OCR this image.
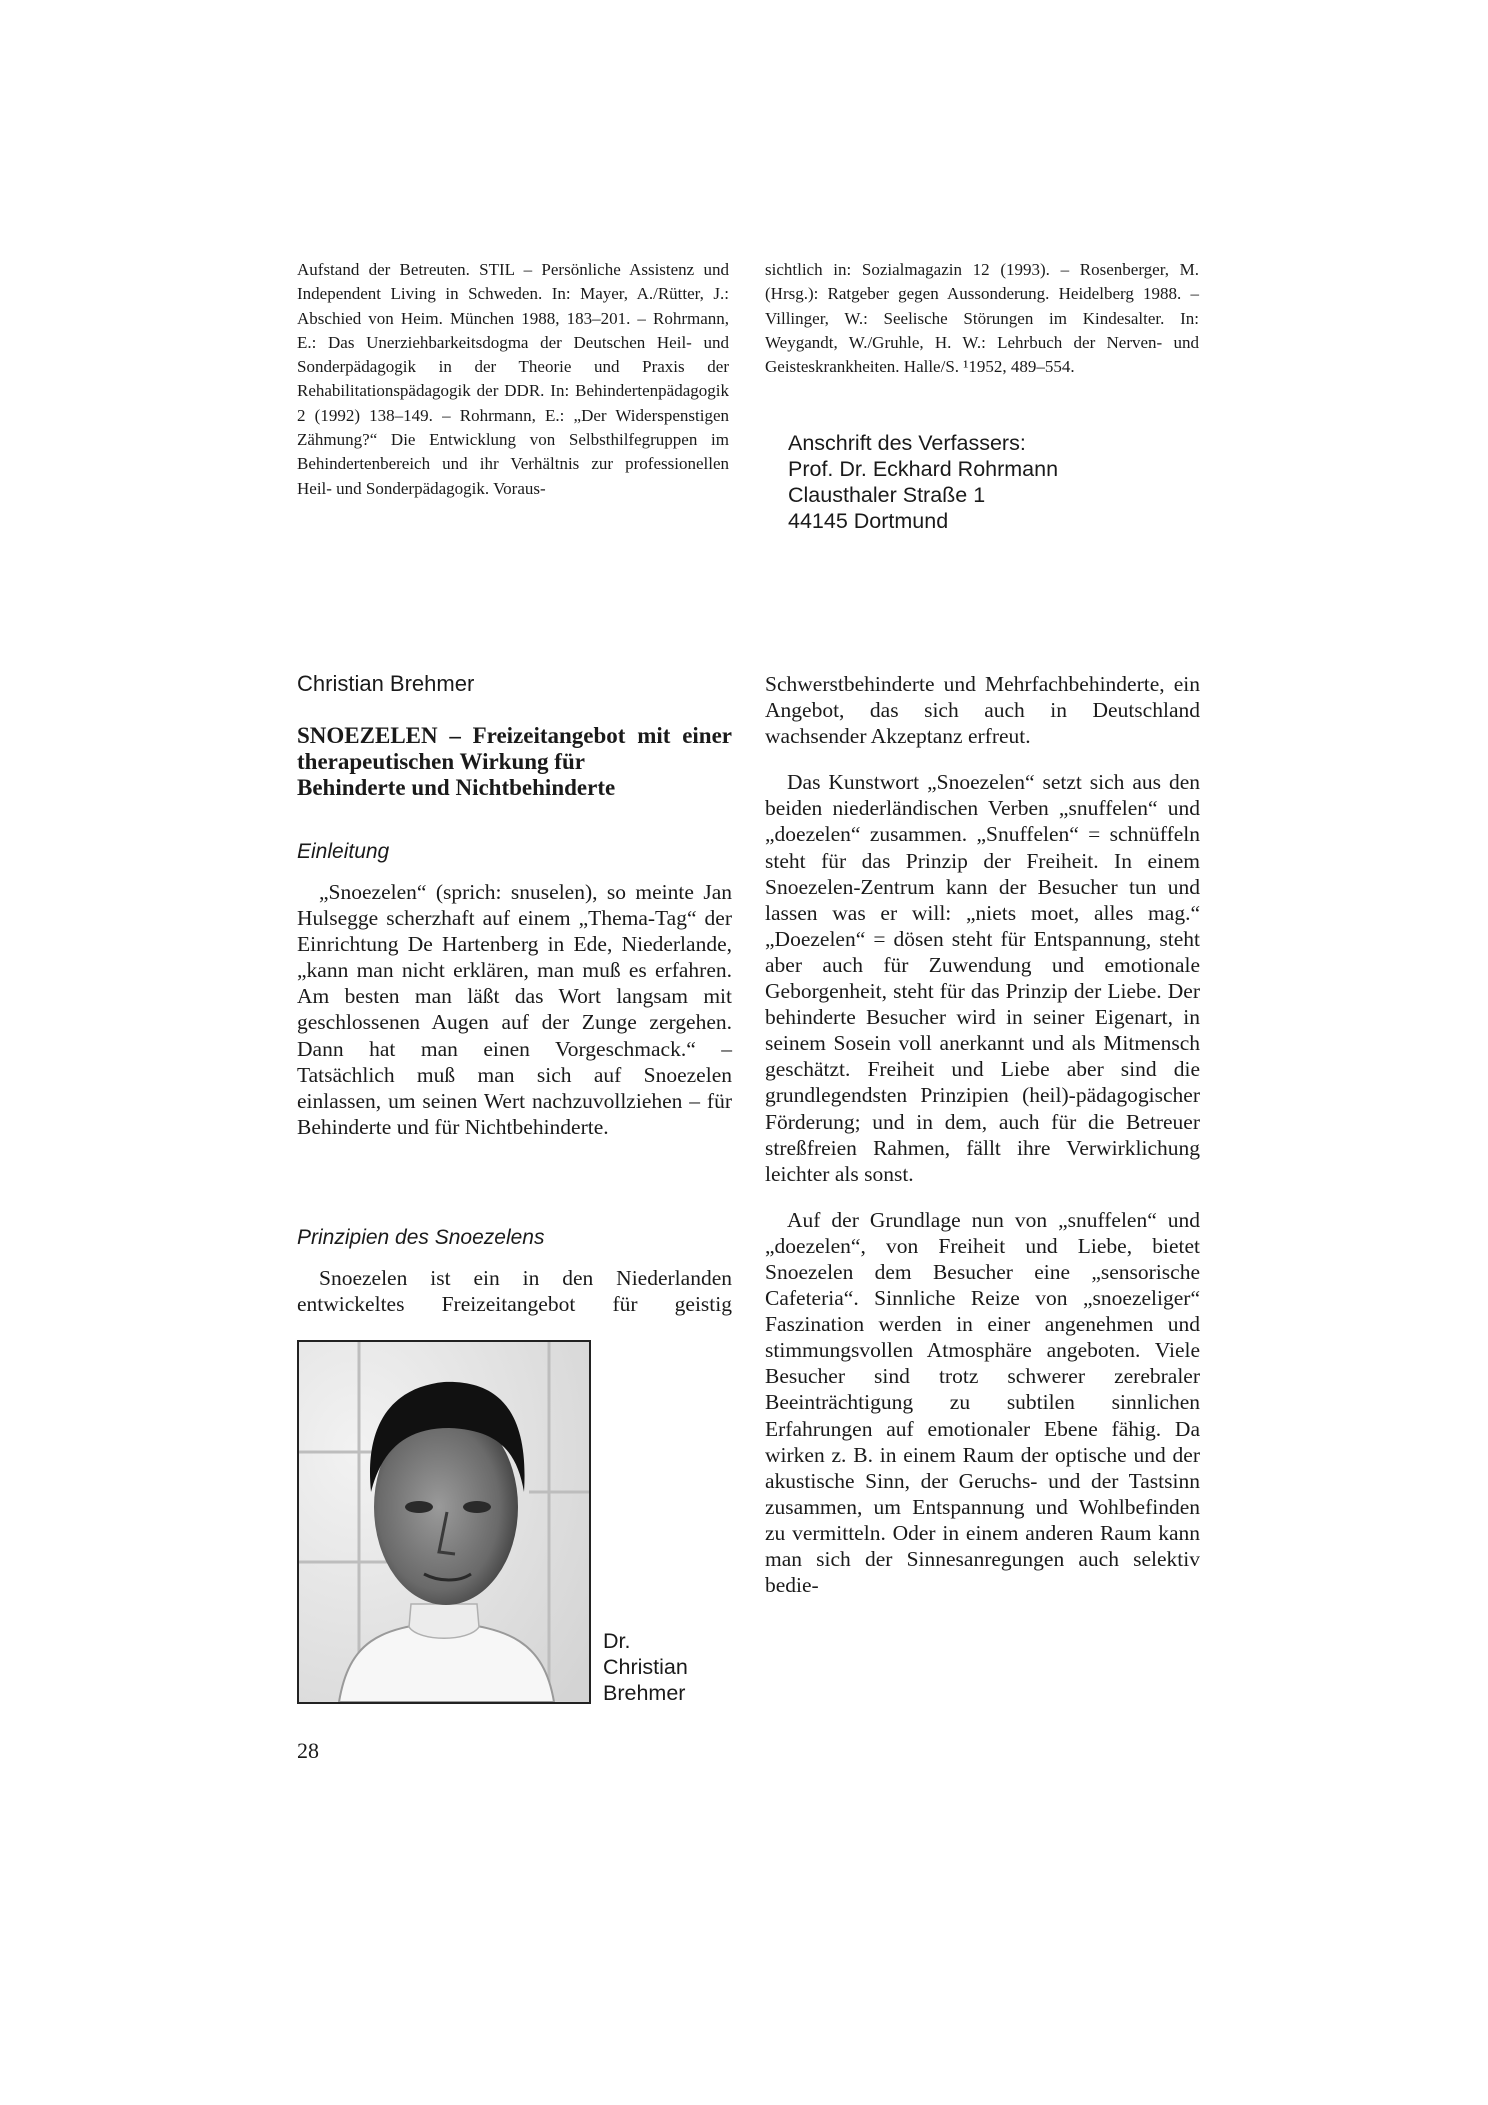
Aufstand der Betreuten. STIL – Persönliche Assistenz und Independent Living in Schweden. In: Mayer, A./Rütter, J.: Abschied von Heim. München 1988, 183–201. – Rohrmann, E.: Das Unerziehbarkeitsdogma der Deutschen Heil- und Sonderpädagogik in der Theorie und Praxis der Rehabilitationspädagogik der DDR. In: Behindertenpädagogik 2 (1992) 138–149. – Rohrmann, E.: „Der Widerspenstigen Zähmung?“ Die Entwicklung von Selbsthilfegruppen im Behindertenbereich und ihr Verhältnis zur professionellen Heil- und Sonderpädagogik. Voraus-
sichtlich in: Sozialmagazin 12 (1993). – Rosenberger, M. (Hrsg.): Ratgeber gegen Aussonderung. Heidelberg 1988. – Villinger, W.: Seelische Störungen im Kindesalter. In: Weygandt, W./Gruhle, H. W.: Lehrbuch der Nerven- und Geisteskrankheiten. Halle/S. ¹1952, 489–554.
Anschrift des Verfassers:
Prof. Dr. Eckhard Rohrmann
Clausthaler Straße 1
44145 Dortmund
Christian Brehmer
SNOEZELEN – Freizeitangebot mit einer therapeutischen Wirkung für
Behinderte und Nichtbehinderte
Einleitung

„Snoezelen“ (sprich: snuselen), so meinte Jan Hulsegge scherzhaft auf einem „Thema-Tag“ der Einrichtung De Hartenberg in Ede, Niederlande, „kann man nicht erklären, man muß es erfahren. Am besten man läßt das Wort langsam mit geschlossenen Augen auf der Zunge zergehen. Dann hat man einen Vorgeschmack.“ – Tatsächlich muß man sich auf Snoezelen einlassen, um seinen Wert nachzuvollziehen – für Behinderte und für Nichtbehinderte.

Prinzipien des Snoezelens

Snoezelen ist ein in den Niederlanden entwickeltes Freizeitangebot für geistig

Dr.
Christian
Brehmer

Schwerstbehinderte und Mehrfachbehinderte, ein Angebot, das sich auch in Deutschland wachsender Akzeptanz erfreut.

Das Kunstwort „Snoezelen“ setzt sich aus den beiden niederländischen Verben „snuffelen“ und „doezelen“ zusammen. „Snuffelen“ = schnüffeln steht für das Prinzip der Freiheit. In einem Snoezelen-Zentrum kann der Besucher tun und lassen was er will: „niets moet, alles mag.“ „Doezelen“ = dösen steht für Entspannung, steht aber auch für Zuwendung und emotionale Geborgenheit, steht für das Prinzip der Liebe. Der behinderte Besucher wird in seiner Eigenart, in seinem Sosein voll anerkannt und als Mitmensch geschätzt. Freiheit und Liebe aber sind die grundlegendsten Prinzipien (heil)-pädagogischer Förderung; und in dem, auch für die Betreuer streßfreien Rahmen, fällt ihre Verwirklichung leichter als sonst.

Auf der Grundlage nun von „snuffelen“ und „doezelen“, von Freiheit und Liebe, bietet Snoezelen dem Besucher eine „sensorische Cafeteria“. Sinnliche Reize von „snoezeliger“ Faszination werden in einer angenehmen und stimmungsvollen Atmosphäre angeboten. Viele Besucher sind trotz schwerer zerebraler Beeinträchtigung zu subtilen sinnlichen Erfahrungen auf emotionaler Ebene fähig. Da wirken z. B. in einem Raum der optische und der akustische Sinn, der Geruchs- und der Tastsinn zusammen, um Entspannung und Wohlbefinden zu vermitteln. Oder in einem anderen Raum kann man sich der Sinnesanregungen auch selektiv bedie-

28
